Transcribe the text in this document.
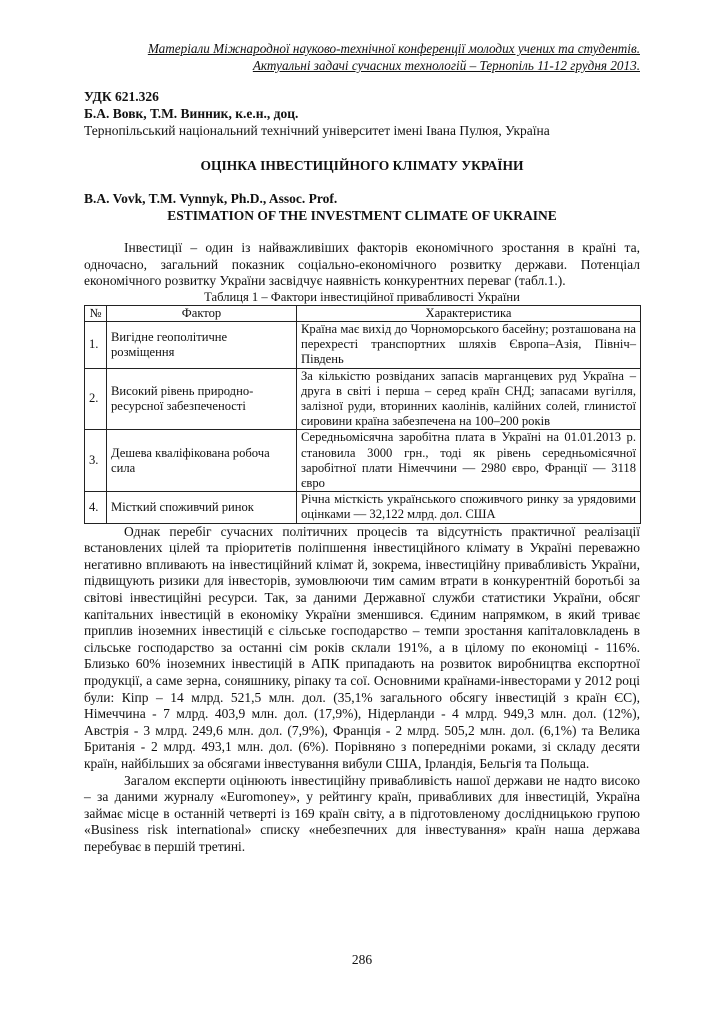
Матеріали Міжнародної науково-технічної конференції молодих учених та студентів.
Актуальні задачі сучасних технологій – Тернопіль 11-12 грудня 2013.
УДК 621.326
Б.А. Вовк, Т.М. Винник, к.е.н., доц.
Тернопільський національний технічний університет імені Івана Пулюя, Україна
ОЦІНКА ІНВЕСТИЦІЙНОГО КЛІМАТУ УКРАЇНИ
B.A. Vovk, T.M. Vynnyk, Ph.D., Assoc. Prof.
ESTIMATION OF THE INVESTMENT CLIMATE OF UKRAINE

Інвестиції – один із найважливіших факторів економічного зростання в країні та, одночасно, загальний показник соціально-економічного розвитку держави. Потенціал економічного розвитку України засвідчує наявність конкурентних переваг (табл.1.).

Таблиця 1 – Фактори інвестиційної привабливості України
№	Фактор	Характеристика
1.	Вигідне геополітичне розміщення	Країна має вихід до Чорноморського басейну; розташована на перехресті транспортних шляхів Європа–Азія, Північ–Південь
2.	Високий рівень природно-ресурсної забезпеченості	За кількістю розвіданих запасів марганцевих руд Україна – друга в світі і перша – серед країн СНД; запасами вугілля, залізної руди, вторинних каолінів, калійних солей, глинистої сировини країна забезпечена на 100–200 років
3.	Дешева кваліфікована робоча сила	Середньомісячна заробітна плата в Україні на 01.01.2013 р. становила 3000 грн., тоді як рівень середньомісячної заробітної плати Німеччини — 2980 євро, Франції — 3118 євро
4.	Місткий споживчий ринок	Річна місткість українського споживчого ринку за урядовими оцінками — 32,122 млрд. дол. США

Однак перебіг сучасних політичних процесів та відсутність практичної реалізації встановлених цілей та пріоритетів поліпшення інвестиційного клімату в Україні переважно негативно впливають на інвестиційний клімат й, зокрема, інвестиційну привабливість України, підвищують ризики для інвесторів, зумовлюючи тим самим втрати в конкурентній боротьбі за світові інвестиційні ресурси. Так, за даними Державної служби статистики України, обсяг капітальних інвестицій в економіку України зменшився. Єдиним напрямком, в який триває приплив іноземних інвестицій є сільське господарство – темпи зростання капіталовкладень в сільське господарство за останні сім років склали 191%, а в цілому по економіці - 116%. Близько 60% іноземних інвестицій в АПК припадають на розвиток виробництва експортної продукції, а саме зерна, соняшнику, ріпаку та сої. Основними країнами-інвесторами у 2012 році були: Кіпр – 14 млрд. 521,5 млн. дол. (35,1% загального обсягу інвестицій з країн ЄС), Німеччина - 7 млрд. 403,9 млн. дол. (17,9%), Нідерланди - 4 млрд. 949,3 млн. дол. (12%), Австрія - 3 млрд. 249,6 млн. дол. (7,9%), Франція - 2 млрд. 505,2 млн. дол. (6,1%) та Велика Британія - 2 млрд. 493,1 млн. дол. (6%). Порівняно з попередніми роками, зі складу десяти країн, найбільших за обсягами інвестування вибули США, Ірландія, Бельгія та Польща.

Загалом експерти оцінюють інвестиційну привабливість нашої держави не надто високо – за даними журналу «Euromoney», у рейтингу країн, привабливих для інвестицій, Україна займає місце в останній четверті із 169 країн світу, а в підготовленому дослідницькою групою «Business risk international» списку «небезпечних для інвестування» країн наша держава перебуває в першій третині.

286
